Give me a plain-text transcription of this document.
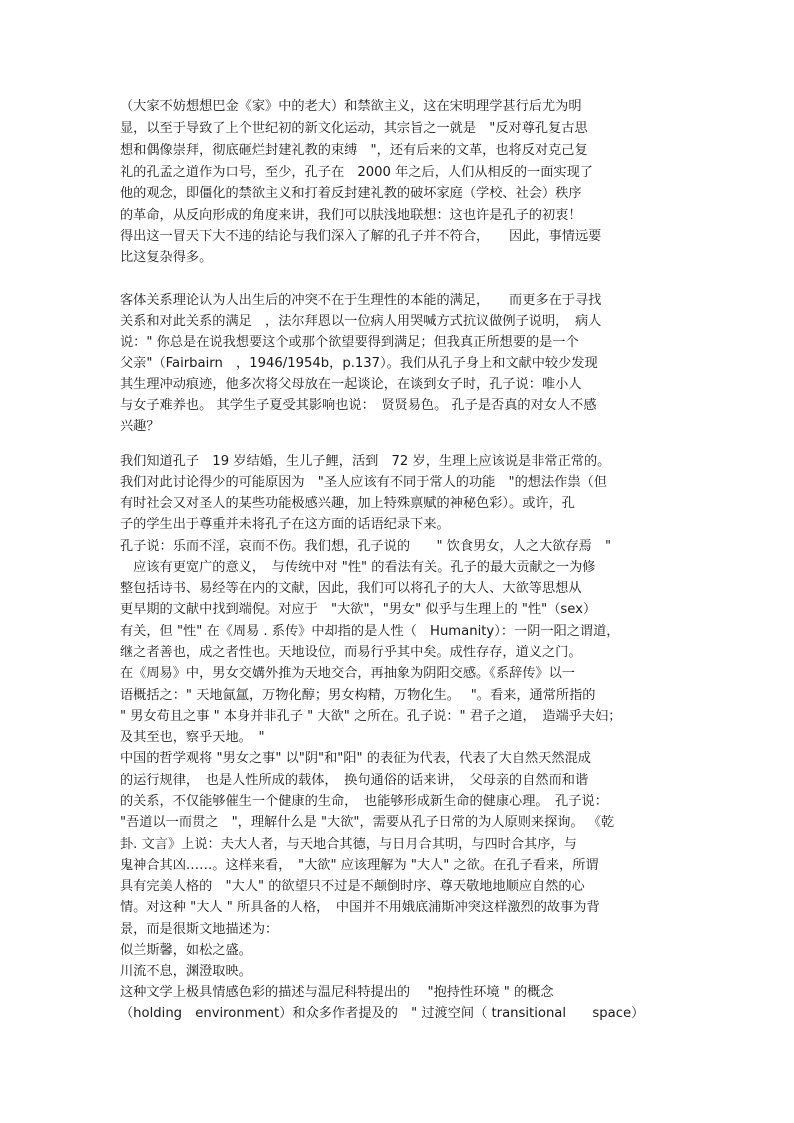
（大家不妨想想巴金《家》中的老大）和禁欲主义，这在宋明理学甚行后尤为明
显，以至于导致了上个世纪初的新文化运动，其宗旨之一就是　"反对尊孔复古思
想和偶像崇拜，彻底砸烂封建礼教的束缚　"，还有后来的文革，也将反对克己复
礼的孔孟之道作为口号，至少，孔子在　2000 年之后，人们从相反的一面实现了
他的观念，即僵化的禁欲主义和打着反封建礼教的破坏家庭（学校、社会）秩序
的革命，从反向形成的角度来讲，我们可以肤浅地联想：这也许是孔子的初衷！
得出这一冒天下大不违的结论与我们深入了解的孔子并不符合，　　因此，事情远要
比这复杂得多。
客体关系理论认为人出生后的冲突不在于生理性的本能的满足，　　而更多在于寻找
关系和对此关系的满足　，法尔拜恩以一位病人用哭喊方式抗议做例子说明，　病人
说：" 你总是在说我想要这个或那个欲望要得到满足；但我真正所想要的是一个
父亲"（Fairbairn　，1946/1954b，p.137）。我们从孔子身上和文献中较少发现
其生理冲动痕迹，他多次将父母放在一起谈论，在谈到女子时，孔子说：唯小人
与女子难养也。 其学生子夏受其影响也说：　贤贤易色。 孔子是否真的对女人不感
兴趣？
我们知道孔子　19 岁结婚，生儿子鲤，活到　72 岁，生理上应该说是非常正常的。
我们对此讨论得少的可能原因为　"圣人应该有不同于常人的功能　"的想法作祟（但
有时社会又对圣人的某些功能极感兴趣，加上特殊禀赋的神秘色彩）。或许，孔
子的学生出于尊重并未将孔子在这方面的话语纪录下来。
孔子说：乐而不淫，哀而不伤。我们想，孔子说的　　" 饮食男女，人之大欲存焉　"
　应该有更宽广的意义，　与传统中对 "性" 的看法有关。孔子的最大贡献之一为修
整包括诗书、易经等在内的文献，因此，我们可以将孔子的大人、大欲等思想从
更早期的文献中找到端倪。对应于　"大欲"，"男女" 似乎与生理上的 "性"（sex）
有关，但 "性" 在《周易 . 系传》中却指的是人性（　Humanity）：一阴一阳之谓道，
继之者善也，成之者性也。天地设位，而易行乎其中矣。成性存存，道义之门。
在《周易》中，男女交媾外推为天地交合，再抽象为阴阳交感。《系辞传》以一
语概括之：" 天地氤氲，万物化醇；男女构精，万物化生。　 "。看来，通常所指的
" 男女苟且之事 " 本身并非孔子 " 大欲" 之所在。孔子说：" 君子之道，　造端乎夫妇；
及其至也，察乎天地。　"
中国的哲学观将 "男女之事" 以"阴"和"阳" 的表征为代表，代表了大自然天然混成
的运行规律，　也是人性所成的载体，　换句通俗的话来讲，　父母亲的自然而和谐
的关系，不仅能够催生一个健康的生命，　也能够形成新生命的健康心理。　孔子说：
"吾道以一而贯之　"，理解什么是 "大欲"，需要从孔子日常的为人原则来探询。 《乾
卦. 文言》上说：夫大人者，与天地合其德，与日月合其明，与四时合其序，与
鬼神合其凶……。这样来看，　"大欲" 应该理解为 "大人" 之欲。在孔子看来，所谓
具有完美人格的　"大人" 的欲望只不过是不颠倒时序、尊天敬地地顺应自然的心
情。对这种 "大人 " 所具备的人格，　中国并不用娥底浦斯冲突这样激烈的故事为背
景，而是很斯文地描述为：
似兰斯馨，如松之盛。
川流不息，渊澄取映。
这种文学上极具情感色彩的描述与温尼科特提出的　 "抱持性环境 " 的概念
（holding　environment）和众多作者提及的　" 过渡空间（ transitional　　space）
